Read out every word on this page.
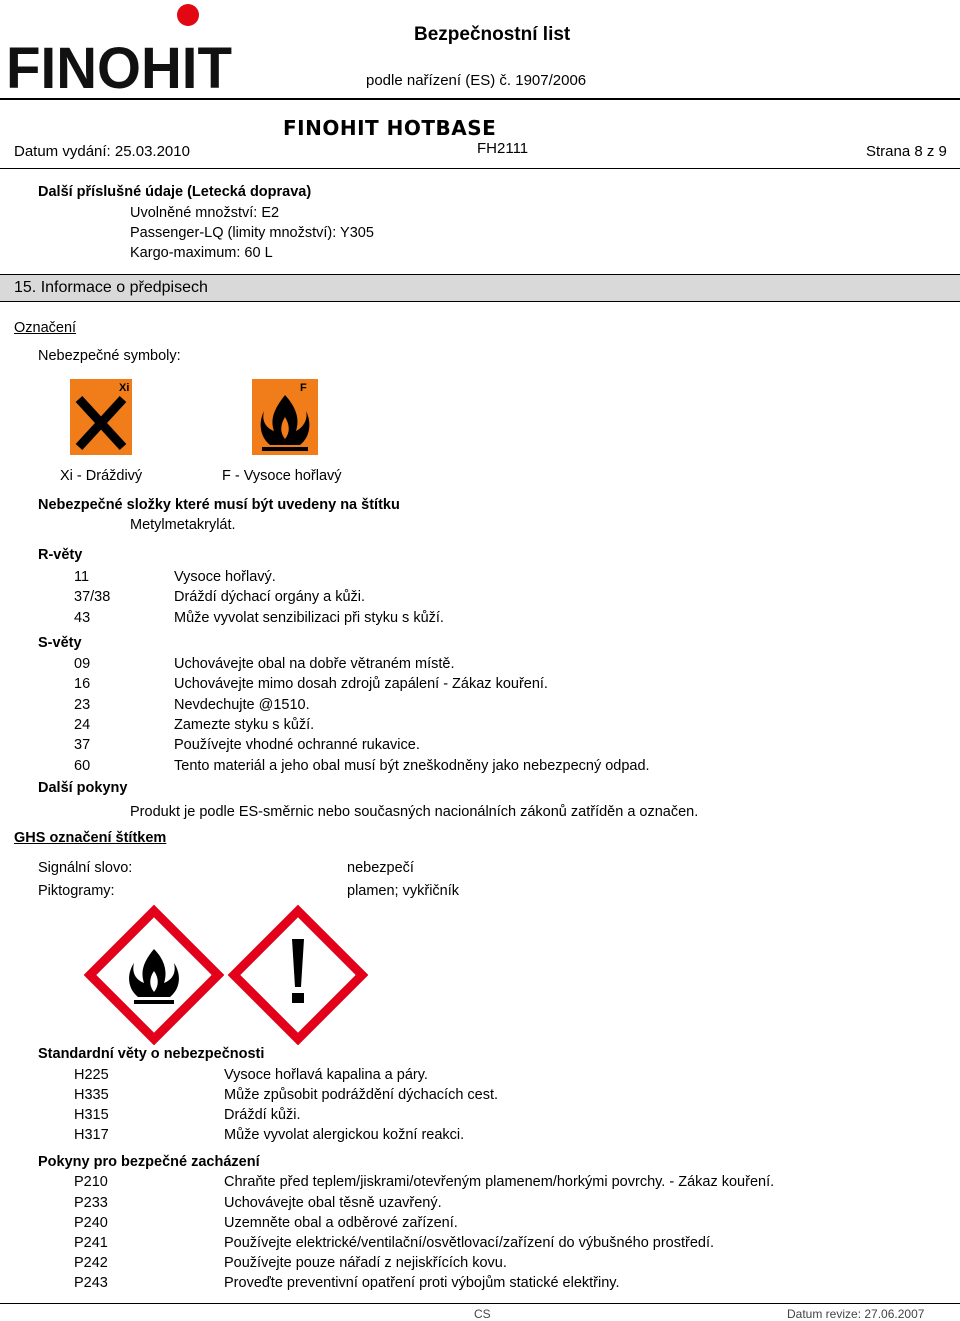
FINOHIT
Bezpečnostní list
podle nařízení (ES) č. 1907/2006
FINOHIT HOTBASE
Datum vydání: 25.03.2010	FH2111	Strana 8 z 9
Další příslušné údaje (Letecká doprava)
Uvolněné množství: E2
Passenger-LQ (limity množství): Y305
Kargo-maximum: 60 L
15. Informace o předpisech
Označení
Nebezpečné symboly:
Xi	F
Xi - Dráždivý	F - Vysoce hořlavý
Nebezpečné složky které musí být uvedeny na štítku
Metylmetakrylát.
R-věty
11	Vysoce hořlavý.
37/38	Dráždí dýchací orgány a kůži.
43	Může vyvolat senzibilizaci při styku s kůží.
S-věty
09	Uchovávejte obal na dobře větraném místě.
16	Uchovávejte mimo dosah zdrojů zapálení - Zákaz kouření.
23	Nevdechujte @1510.
24	Zamezte styku s kůží.
37	Používejte vhodné ochranné rukavice.
60	Tento materiál a jeho obal musí být zneškodněny jako nebezpecný odpad.
Další pokyny
Produkt je podle ES-směrnic nebo současných nacionálních zákonů zatříděn a označen.
GHS označení štítkem
Signální slovo:	nebezpečí
Piktogramy:	plamen; vykřičník
Standardní věty o nebezpečnosti
H225	Vysoce hořlavá kapalina a páry.
H335	Může způsobit podráždění dýchacích cest.
H315	Dráždí kůži.
H317	Může vyvolat alergickou kožní reakci.
Pokyny pro bezpečné zacházení
P210	Chraňte před teplem/jiskrami/otevřeným plamenem/horkými povrchy. - Zákaz kouření.
P233	Uchovávejte obal těsně uzavřený.
P240	Uzemněte obal a odběrové zařízení.
P241	Používejte elektrické/ventilační/osvětlovací/zařízení do výbušného prostředí.
P242	Používejte pouze nářadí z nejiskřících kovu.
P243	Proveďte preventivní opatření proti výbojům statické elektřiny.
CS	Datum revize: 27.06.2007
